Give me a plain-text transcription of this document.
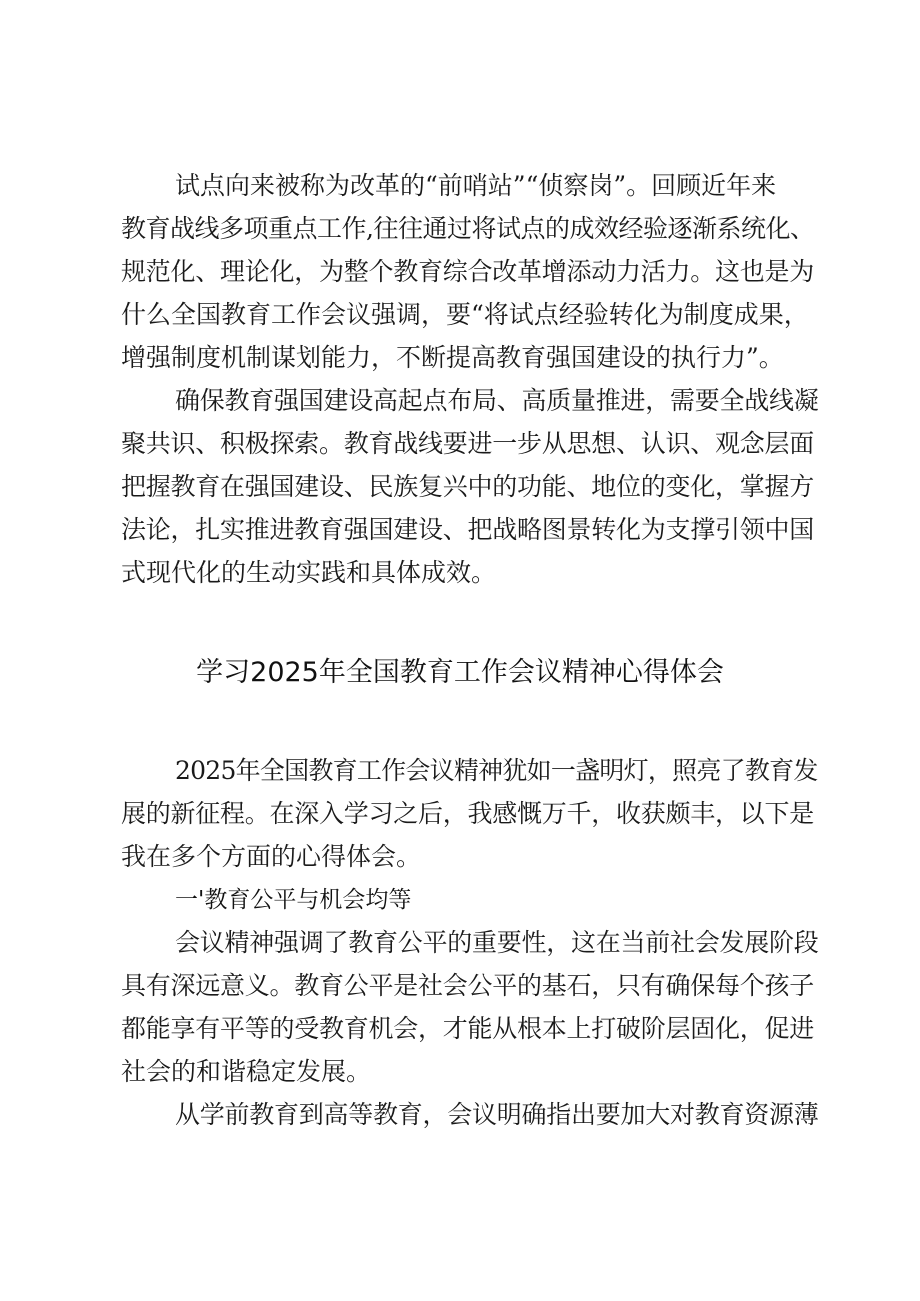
试点向来被称为改革的“前哨站”“侦察岗”。回顾近年来
教育战线多项重点工作,往往通过将试点的成效经验逐渐系统化、
规范化、理论化，为整个教育综合改革增添动力活力。这也是为
什么全国教育工作会议强调，要“将试点经验转化为制度成果，
增强制度机制谋划能力，不断提高教育强国建设的执行力”。
确保教育强国建设高起点布局、高质量推进，需要全战线凝
聚共识、积极探索。教育战线要进一步从思想、认识、观念层面
把握教育在强国建设、民族复兴中的功能、地位的变化，掌握方
法论，扎实推进教育强国建设、把战略图景转化为支撑引领中国
式现代化的生动实践和具体成效。
学习2025年全国教育工作会议精神心得体会
2025年全国教育工作会议精神犹如一盏明灯，照亮了教育发
展的新征程。在深入学习之后，我感慨万千，收获颇丰，以下是
我在多个方面的心得体会。
一'教育公平与机会均等
会议精神强调了教育公平的重要性，这在当前社会发展阶段
具有深远意义。教育公平是社会公平的基石，只有确保每个孩子
都能享有平等的受教育机会，才能从根本上打破阶层固化，促进
社会的和谐稳定发展。
从学前教育到高等教育，会议明确指出要加大对教育资源薄
